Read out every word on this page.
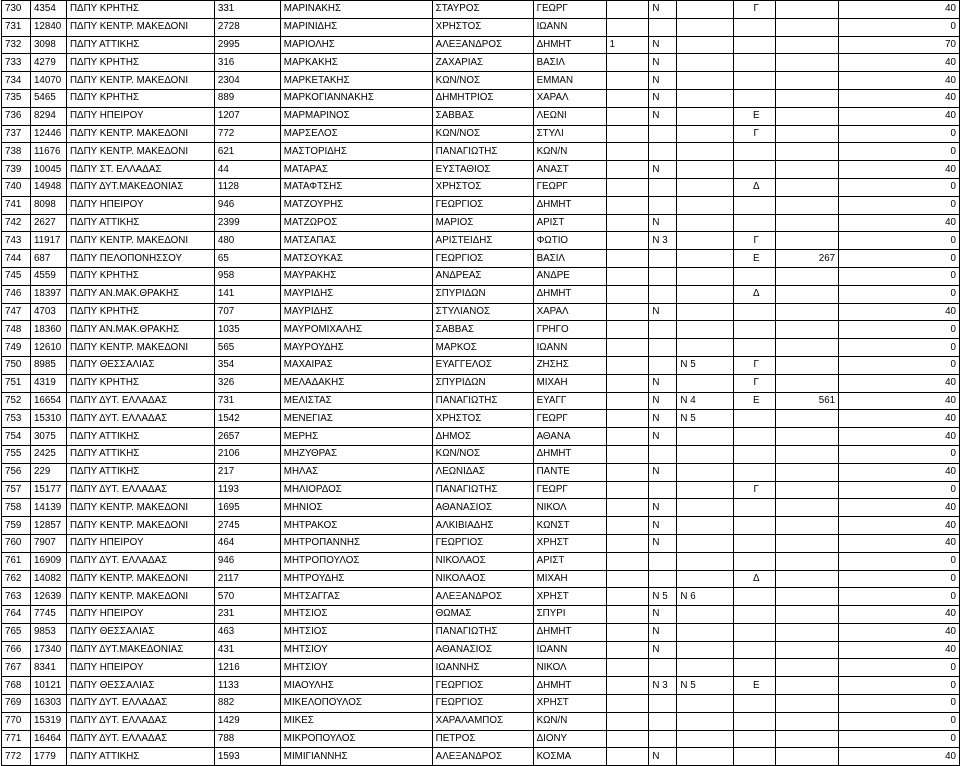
730	4354	ΠΔΠΥ ΚΡΗΤΗΣ	331	ΜΑΡΙΝΑΚΗΣ	ΣΤΑΥΡΟΣ	ΓΕΩΡΓ		Ν		Γ		40
731	12840	ΠΔΠΥ ΚΕΝΤΡ. ΜΑΚΕΔΟΝΙ	2728	ΜΑΡΙΝΙΔΗΣ	ΧΡΗΣΤΟΣ	ΙΩΑΝΝ						0
732	3098	ΠΔΠΥ ΑΤΤΙΚΗΣ	2995	ΜΑΡΙΟΛΗΣ	ΑΛΕΞΑΝΔΡΟΣ	ΔΗΜΗΤ	1	Ν				70
733	4279	ΠΔΠΥ ΚΡΗΤΗΣ	316	ΜΑΡΚΑΚΗΣ	ΖΑΧΑΡΙΑΣ	ΒΑΣΙΛ		Ν				40
734	14070	ΠΔΠΥ ΚΕΝΤΡ. ΜΑΚΕΔΟΝΙ	2304	ΜΑΡΚΕΤΑΚΗΣ	ΚΩΝ/ΝΟΣ	ΕΜΜΑΝ		Ν				40
735	5465	ΠΔΠΥ ΚΡΗΤΗΣ	889	ΜΑΡΚΟΓΙΑΝΝΑΚΗΣ	ΔΗΜΗΤΡΙΟΣ	ΧΑΡΑΛ		Ν				40
736	8294	ΠΔΠΥ ΗΠΕΙΡΟΥ	1207	ΜΑΡΜΑΡΙΝΟΣ	ΣΑΒΒΑΣ	ΛΕΩΝΙ		Ν		Ε		40
737	12446	ΠΔΠΥ ΚΕΝΤΡ. ΜΑΚΕΔΟΝΙ	772	ΜΑΡΣΕΛΟΣ	ΚΩΝ/ΝΟΣ	ΣΤΥΛΙ				Γ		0
738	11676	ΠΔΠΥ ΚΕΝΤΡ. ΜΑΚΕΔΟΝΙ	621	ΜΑΣΤΟΡΙΔΗΣ	ΠΑΝΑΓΙΩΤΗΣ	ΚΩΝ/Ν						0
739	10045	ΠΔΠΥ ΣΤ. ΕΛΛΑΔΑΣ	44	ΜΑΤΑΡΑΣ	ΕΥΣΤΑΘΙΟΣ	ΑΝΑΣΤ		Ν				40
740	14948	ΠΔΠΥ ΔΥΤ.ΜΑΚΕΔΟΝΙΑΣ	1128	ΜΑΤΑΦΤΣΗΣ	ΧΡΗΣΤΟΣ	ΓΕΩΡΓ				Δ		0
741	8098	ΠΔΠΥ ΗΠΕΙΡΟΥ	946	ΜΑΤΖΟΥΡΗΣ	ΓΕΩΡΓΙΟΣ	ΔΗΜΗΤ						0
742	2627	ΠΔΠΥ ΑΤΤΙΚΗΣ	2399	ΜΑΤΖΩΡΟΣ	ΜΑΡΙΟΣ	ΑΡΙΣΤ		Ν				40
743	11917	ΠΔΠΥ ΚΕΝΤΡ. ΜΑΚΕΔΟΝΙ	480	ΜΑΤΣΑΠΑΣ	ΑΡΙΣΤΕΙΔΗΣ	ΦΩΤΙΟ		Ν 3		Γ		0
744	687	ΠΔΠΥ ΠΕΛΟΠΟΝΗΣΣΟΥ	65	ΜΑΤΣΟΥΚΑΣ	ΓΕΩΡΓΙΟΣ	ΒΑΣΙΛ				Ε	267	0
745	4559	ΠΔΠΥ ΚΡΗΤΗΣ	958	ΜΑΥΡΑΚΗΣ	ΑΝΔΡΕΑΣ	ΑΝΔΡΕ						0
746	18397	ΠΔΠΥ ΑΝ.ΜΑΚ.ΘΡΑΚΗΣ	141	ΜΑΥΡΙΔΗΣ	ΣΠΥΡΙΔΩΝ	ΔΗΜΗΤ				Δ		0
747	4703	ΠΔΠΥ ΚΡΗΤΗΣ	707	ΜΑΥΡΙΔΗΣ	ΣΤΥΛΙΑΝΟΣ	ΧΑΡΑΛ		Ν				40
748	18360	ΠΔΠΥ ΑΝ.ΜΑΚ.ΘΡΑΚΗΣ	1035	ΜΑΥΡΟΜΙΧΑΛΗΣ	ΣΑΒΒΑΣ	ΓΡΗΓΟ						0
749	12610	ΠΔΠΥ ΚΕΝΤΡ. ΜΑΚΕΔΟΝΙ	565	ΜΑΥΡΟΥΔΗΣ	ΜΑΡΚΟΣ	ΙΩΑΝΝ						0
750	8985	ΠΔΠΥ ΘΕΣΣΑΛΙΑΣ	354	ΜΑΧΑΙΡΑΣ	ΕΥΑΓΓΕΛΟΣ	ΖΗΣΗΣ			Ν 5	Γ		0
751	4319	ΠΔΠΥ ΚΡΗΤΗΣ	326	ΜΕΛΑΔΑΚΗΣ	ΣΠΥΡΙΔΩΝ	ΜΙΧΑΗ		Ν		Γ		40
752	16654	ΠΔΠΥ ΔΥΤ. ΕΛΛΑΔΑΣ	731	ΜΕΛΙΣΤΑΣ	ΠΑΝΑΓΙΩΤΗΣ	ΕΥΑΓΓ		Ν	Ν 4	Ε	561	40
753	15310	ΠΔΠΥ ΔΥΤ. ΕΛΛΑΔΑΣ	1542	ΜΕΝΕΓΙΑΣ	ΧΡΗΣΤΟΣ	ΓΕΩΡΓ		Ν	Ν 5			40
754	3075	ΠΔΠΥ ΑΤΤΙΚΗΣ	2657	ΜΕΡΗΣ	ΔΗΜΟΣ	ΑΘΑΝΑ		Ν				40
755	2425	ΠΔΠΥ ΑΤΤΙΚΗΣ	2106	ΜΗΖΥΘΡΑΣ	ΚΩΝ/ΝΟΣ	ΔΗΜΗΤ						0
756	229	ΠΔΠΥ ΑΤΤΙΚΗΣ	217	ΜΗΛΑΣ	ΛΕΩΝΙΔΑΣ	ΠΑΝΤΕ		Ν				40
757	15177	ΠΔΠΥ ΔΥΤ. ΕΛΛΑΔΑΣ	1193	ΜΗΛΙΟΡΔΟΣ	ΠΑΝΑΓΙΩΤΗΣ	ΓΕΩΡΓ				Γ		0
758	14139	ΠΔΠΥ ΚΕΝΤΡ. ΜΑΚΕΔΟΝΙ	1695	ΜΗΝΙΟΣ	ΑΘΑΝΑΣΙΟΣ	ΝΙΚΟΛ		Ν				40
759	12857	ΠΔΠΥ ΚΕΝΤΡ. ΜΑΚΕΔΟΝΙ	2745	ΜΗΤΡΑΚΟΣ	ΑΛΚΙΒΙΑΔΗΣ	ΚΩΝΣΤ		Ν				40
760	7907	ΠΔΠΥ ΗΠΕΙΡΟΥ	464	ΜΗΤΡΟΠΑΝΝΗΣ	ΓΕΩΡΓΙΟΣ	ΧΡΗΣΤ		Ν				40
761	16909	ΠΔΠΥ ΔΥΤ. ΕΛΛΑΔΑΣ	946	ΜΗΤΡΟΠΟΥΛΟΣ	ΝΙΚΟΛΑΟΣ	ΑΡΙΣΤ						0
762	14082	ΠΔΠΥ ΚΕΝΤΡ. ΜΑΚΕΔΟΝΙ	2117	ΜΗΤΡΟΥΔΗΣ	ΝΙΚΟΛΑΟΣ	ΜΙΧΑΗ				Δ		0
763	12639	ΠΔΠΥ ΚΕΝΤΡ. ΜΑΚΕΔΟΝΙ	570	ΜΗΤΣΑΓΓΑΣ	ΑΛΕΞΑΝΔΡΟΣ	ΧΡΗΣΤ		Ν 5	Ν 6			0
764	7745	ΠΔΠΥ ΗΠΕΙΡΟΥ	231	ΜΗΤΣΙΟΣ	ΘΩΜΑΣ	ΣΠΥΡΙ		Ν				40
765	9853	ΠΔΠΥ ΘΕΣΣΑΛΙΑΣ	463	ΜΗΤΣΙΟΣ	ΠΑΝΑΓΙΩΤΗΣ	ΔΗΜΗΤ		Ν				40
766	17340	ΠΔΠΥ ΔΥΤ.ΜΑΚΕΔΟΝΙΑΣ	431	ΜΗΤΣΙΟΥ	ΑΘΑΝΑΣΙΟΣ	ΙΩΑΝΝ		Ν				40
767	8341	ΠΔΠΥ ΗΠΕΙΡΟΥ	1216	ΜΗΤΣΙΟΥ	ΙΩΑΝΝΗΣ	ΝΙΚΟΛ						0
768	10121	ΠΔΠΥ ΘΕΣΣΑΛΙΑΣ	1133	ΜΙΑΟΥΛΗΣ	ΓΕΩΡΓΙΟΣ	ΔΗΜΗΤ		Ν 3	Ν 5	Ε		0
769	16303	ΠΔΠΥ ΔΥΤ. ΕΛΛΑΔΑΣ	882	ΜΙΚΕΛΟΠΟΥΛΟΣ	ΓΕΩΡΓΙΟΣ	ΧΡΗΣΤ						0
770	15319	ΠΔΠΥ ΔΥΤ. ΕΛΛΑΔΑΣ	1429	ΜΙΚΕΣ	ΧΑΡΑΛΑΜΠΟΣ	ΚΩΝ/Ν						0
771	16464	ΠΔΠΥ ΔΥΤ. ΕΛΛΑΔΑΣ	788	ΜΙΚΡΟΠΟΥΛΟΣ	ΠΕΤΡΟΣ	ΔΙΟΝΥ						0
772	1779	ΠΔΠΥ ΑΤΤΙΚΗΣ	1593	ΜΙΜΙΓΙΑΝΝΗΣ	ΑΛΕΞΑΝΔΡΟΣ	ΚΟΣΜΑ		Ν				40
